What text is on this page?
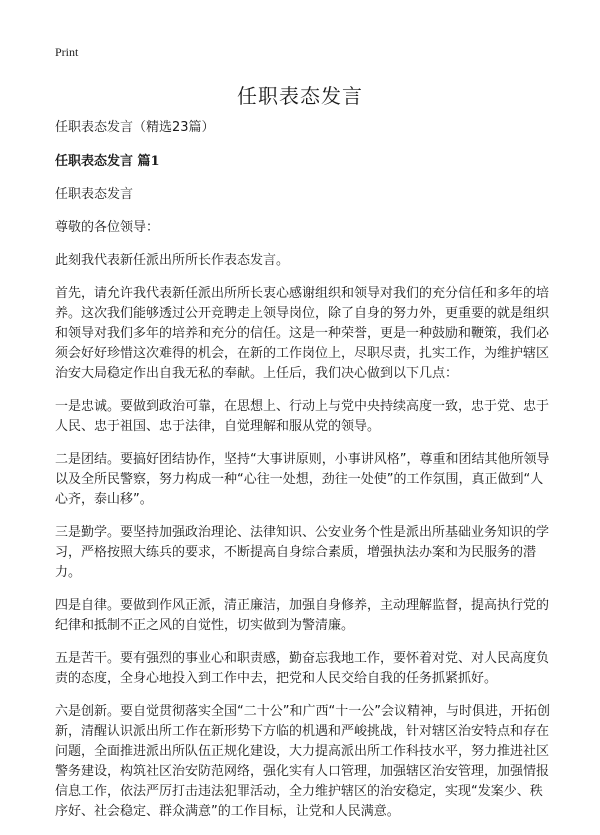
Print
任职表态发言

任职表态发言（精选23篇）

任职表态发言 篇1

任职表态发言

尊敬的各位领导：

此刻我代表新任派出所所长作表态发言。

首先，请允许我代表新任派出所所长衷心感谢组织和领导对我们的充分信任和多年的培养。这次我们能够透过公开竞聘走上领导岗位，除了自身的努力外，更重要的就是组织和领导对我们多年的培养和充分的信任。这是一种荣誉，更是一种鼓励和鞭策，我们必须会好好珍惜这次难得的机会，在新的工作岗位上，尽职尽责，扎实工作，为维护辖区治安大局稳定作出自我无私的奉献。上任后，我们决心做到以下几点：

一是忠诚。要做到政治可靠，在思想上、行动上与党中央持续高度一致，忠于党、忠于人民、忠于祖国、忠于法律，自觉理解和服从党的领导。

二是团结。要搞好团结协作，坚持“大事讲原则，小事讲风格”，尊重和团结其他所领导以及全所民警察，努力构成一种“心往一处想，劲往一处使”的工作氛围，真正做到“人心齐，泰山移”。

三是勤学。要坚持加强政治理论、法律知识、公安业务个性是派出所基础业务知识的学习，严格按照大练兵的要求，不断提高自身综合素质，增强执法办案和为民服务的潜力。

四是自律。要做到作风正派，清正廉洁，加强自身修养，主动理解监督，提高执行党的纪律和抵制不正之风的自觉性，切实做到为警清廉。

五是苦干。要有强烈的事业心和职责感，勤奋忘我地工作，要怀着对党、对人民高度负责的态度，全身心地投入到工作中去，把党和人民交给自我的任务抓紧抓好。

六是创新。要自觉贯彻落实全国“二十公”和广西“十一公”会议精神，与时俱进，开拓创新，清醒认识派出所工作在新形势下方临的机遇和严峻挑战，针对辖区治安特点和存在问题，全面推进派出所队伍正规化建设，大力提高派出所工作科技水平，努力推进社区警务建设，构筑社区治安防范网络，强化实有人口管理，加强辖区治安管理，加强情报信息工作，依法严厉打击违法犯罪活动，全力维护辖区的治安稳定，实现“发案少、秩序好、社会稳定、群众满意”的工作目标，让党和人民满意。
